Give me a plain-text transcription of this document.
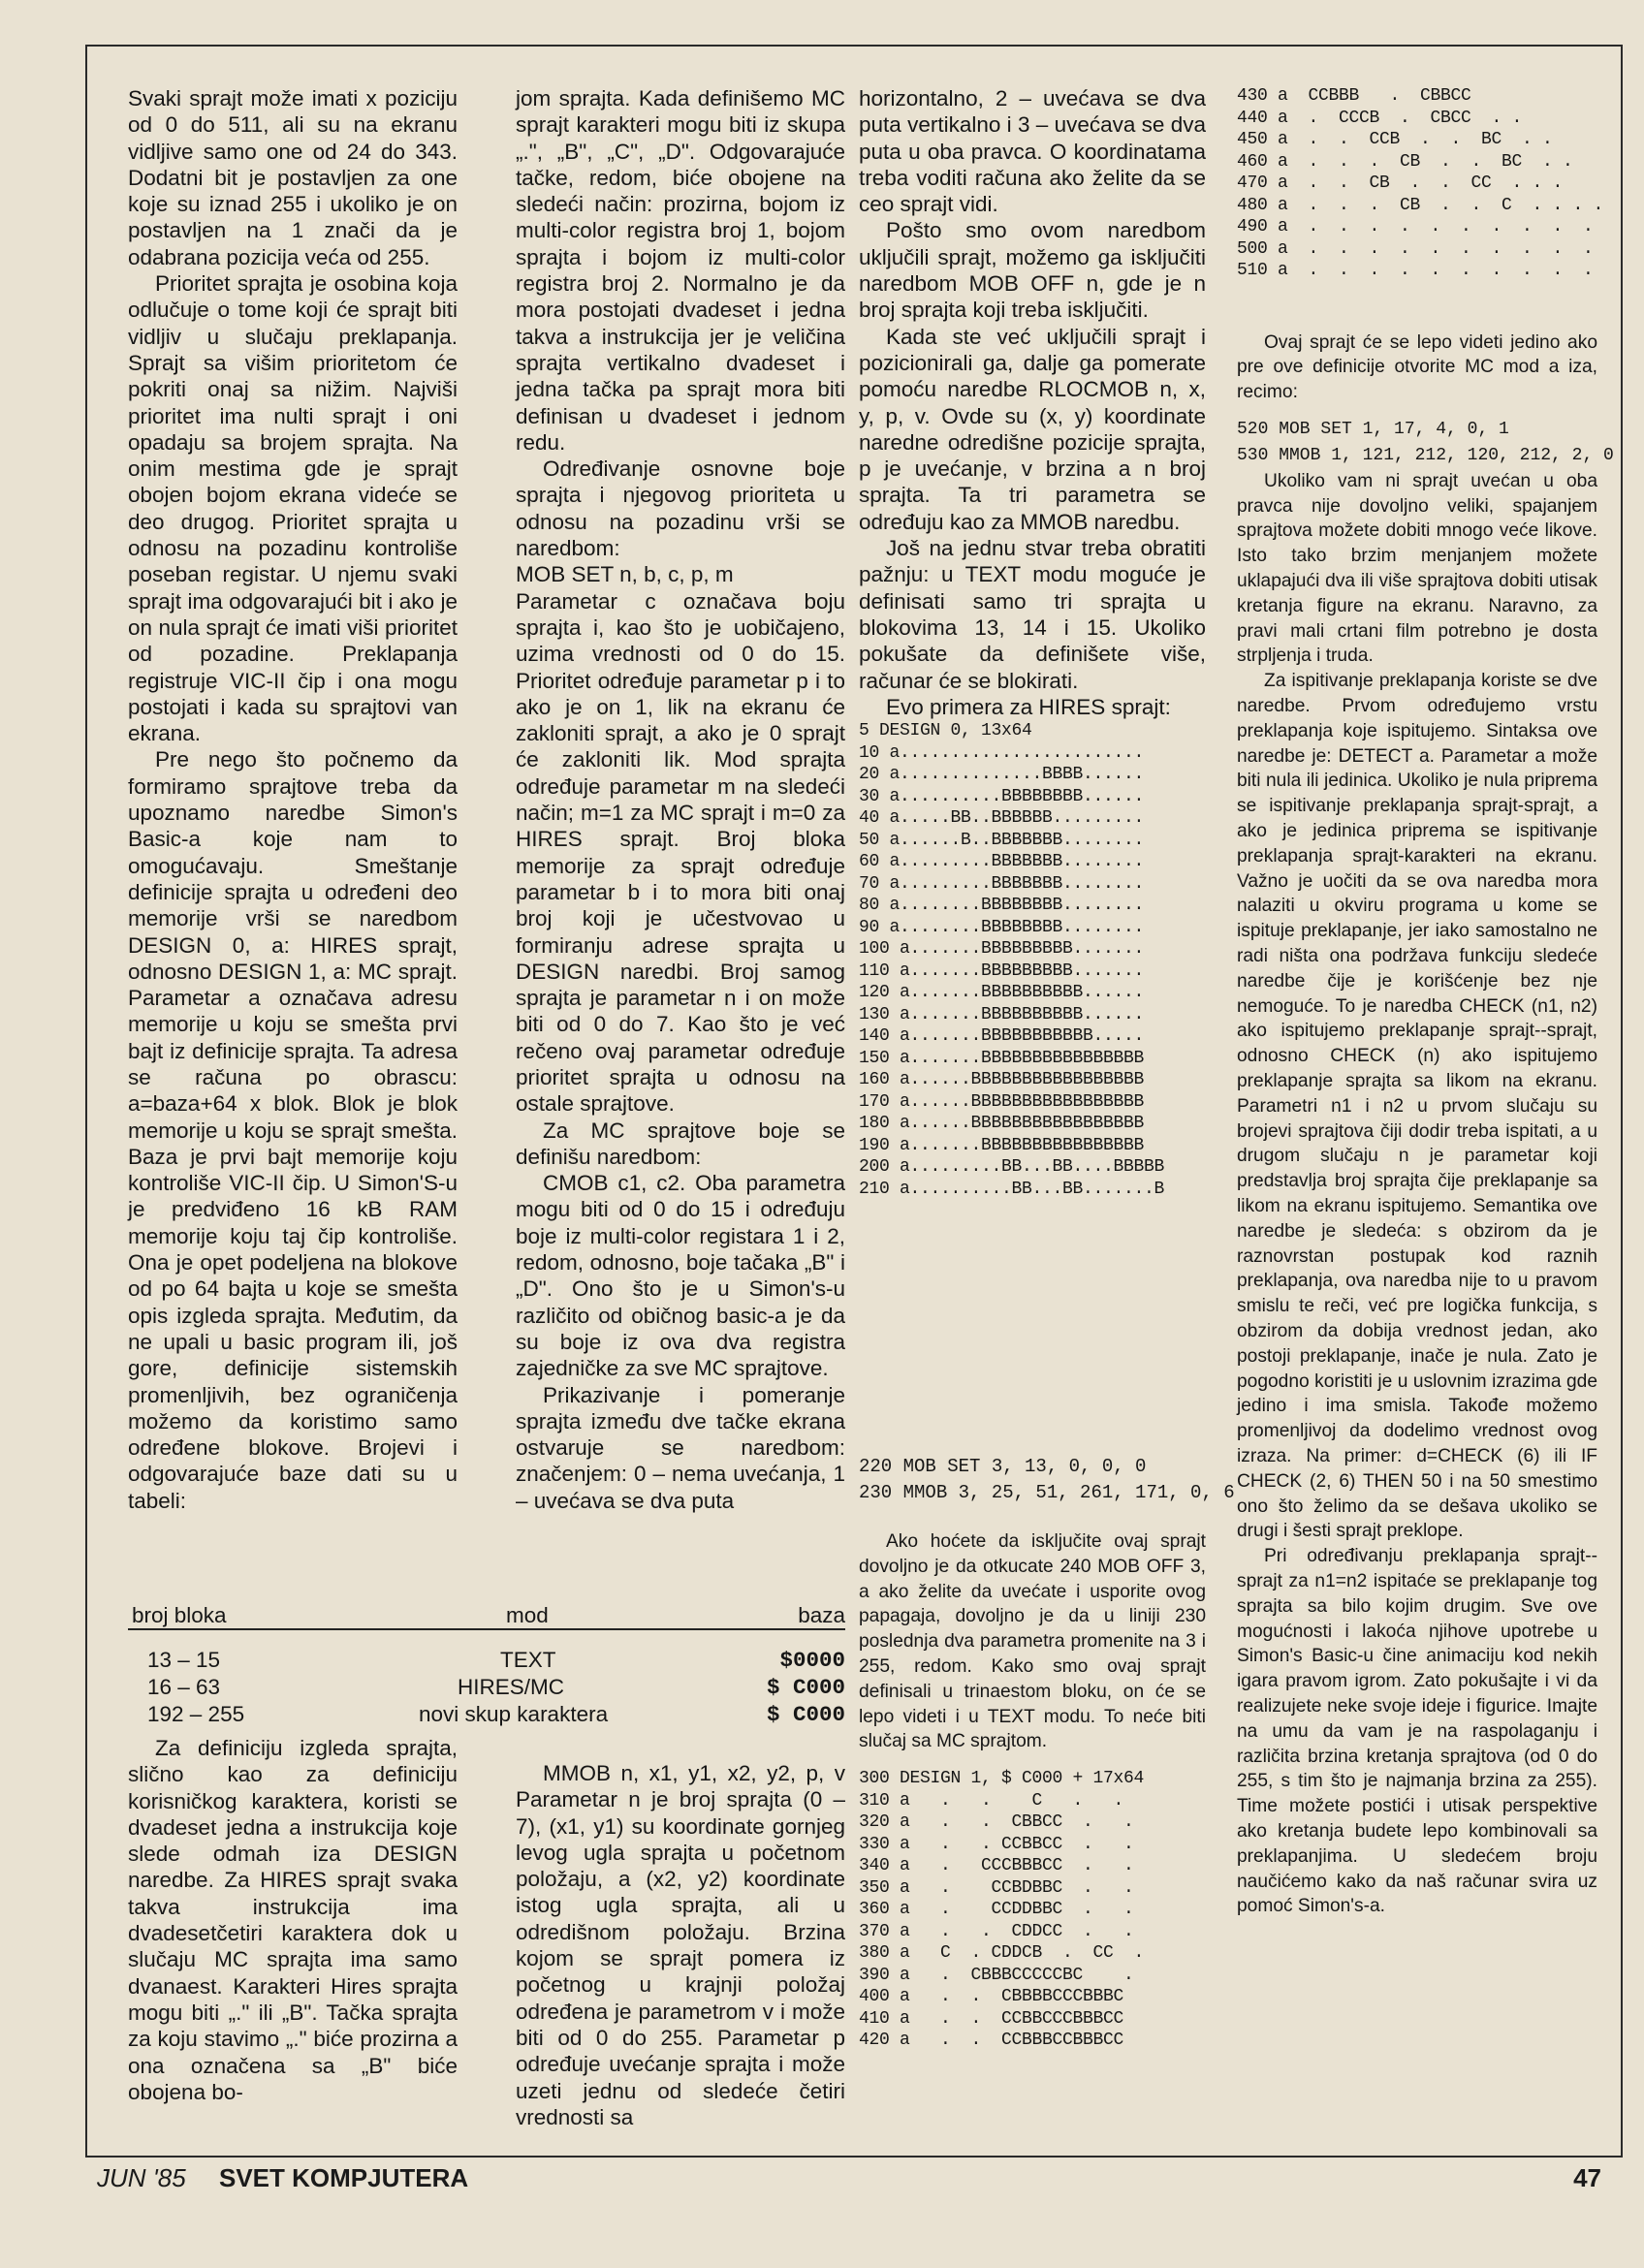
Svaki sprajt može imati x poziciju od 0 do 511, ali su na ekranu vidljive samo one od 24 do 343. Dodatni bit je postavljen za one koje su iznad 255 i ukoliko je on postavljen na 1 znači da je odabrana pozicija veća od 255.

Prioritet sprajta je osobina koja odlučuje o tome koji će sprajt biti vidljiv u slučaju preklapanja. Sprajt sa višim prioritetom će pokriti onaj sa nižim. Najviši prioritet ima nulti sprajt i oni opadaju sa brojem sprajta. Na onim mestima gde je sprajt obojen bojom ekrana videće se deo drugog. Prioritet sprajta u odnosu na pozadinu kontroliše poseban registar. U njemu svaki sprajt ima odgovarajući bit i ako je on nula sprajt će imati viši prioritet od pozadine. Preklapanja registruje VIC-II čip i ona mogu postojati i kada su sprajtovi van ekrana.

Pre nego što počnemo da formiramo sprajtove treba da upoznamo naredbe Simon's Basic-a koje nam to omogućavaju. Smeštanje definicije sprajta u određeni deo memorije vrši se naredbom DESIGN 0, a: HIRES sprajt, odnosno DESIGN 1, a: MC sprajt. Parametar a označava adresu memorije u koju se smešta prvi bajt iz definicije sprajta. Ta adresa se računa po obrascu: a=baza+64 x blok. Blok je blok memorije u koju se sprajt smešta. Baza je prvi bajt memorije koju kontroliše VIC-II čip. U Simon'S-u je predviđeno 16 kB RAM memorije koju taj čip kontroliše. Ona je opet podeljena na blokove od po 64 bajta u koje se smešta opis izgleda sprajta. Međutim, da ne upali u basic program ili, još gore, definicije sistemskih promenljivih, bez ograničenja možemo da koristimo samo određene blokove. Brojevi i odgovarajuće baze dati su u tabeli:

broj bloka	mod	baza
13 – 15	TEXT	$0000
16 – 63	HIRES/MC	$ C000
192 – 255	novi skup karaktera	$ C000

Za definiciju izgleda sprajta, slično kao za definiciju korisničkog karaktera, koristi se dvadeset jedna a instrukcija koje slede odmah iza DESIGN naredbe. Za HIRES sprajt svaka takva instrukcija ima dvadesetčetiri karaktera dok u slučaju MC sprajta ima samo dvanaest. Karakteri Hires sprajta mogu biti „." ili „B". Tačka sprajta za koju stavimo „." biće prozirna a ona označena sa „B" biće obojena bo-

jom sprajta. Kada definišemo MC sprajt karakteri mogu biti iz skupa „.", „B", „C", „D". Odgovarajuće tačke, redom, biće obojene na sledeći način: prozirna, bojom iz multi-color registra broj 1, bojom sprajta i bojom iz multi-color registra broj 2. Normalno je da mora postojati dvadeset i jedna takva a instrukcija jer je veličina sprajta vertikalno dvadeset i jedna tačka pa sprajt mora biti definisan u dvadeset i jednom redu.

Određivanje osnovne boje sprajta i njegovog prioriteta u odnosu na pozadinu vrši se naredbom:

MOB SET n, b, c, p, m

Parametar c označava boju sprajta i, kao što je uobičajeno, uzima vrednosti od 0 do 15. Prioritet određuje parametar p i to ako je on 1, lik na ekranu će zakloniti sprajt, a ako je 0 sprajt će zakloniti lik. Mod sprajta određuje parametar m na sledeći način; m=1 za MC sprajt i m=0 za HIRES sprajt. Broj bloka memorije za sprajt određuje parametar b i to mora biti onaj broj koji je učestvovao u formiranju adrese sprajta u DESIGN naredbi. Broj samog sprajta je parametar n i on može biti od 0 do 7. Kao što je već rečeno ovaj parametar određuje prioritet sprajta u odnosu na ostale sprajtove.

Za MC sprajtove boje se definišu naredbom:

CMOB c1, c2. Oba parametra mogu biti od 0 do 15 i određuju boje iz multi-color registara 1 i 2, redom, odnosno, boje tačaka „B" i „D". Ono što je u Simon's-u različito od običnog basic-a je da su boje iz ova dva registra zajedničke za sve MC sprajtove.

Prikazivanje i pomeranje sprajta između dve tačke ekrana ostvaruje se naredbom: značenjem: 0 – nema uvećanja, 1 – uvećava se dva puta

MMOB n, x1, y1, x2, y2, p, v Parametar n je broj sprajta (0 – 7), (x1, y1) su koordinate gornjeg levog ugla sprajta u početnom položaju, a (x2, y2) koordinate istog ugla sprajta, ali u odredišnom položaju. Brzina kojom se sprajt pomera iz početnog u krajnji položaj određena je parametrom v i može biti od 0 do 255. Parametar p određuje uvećanje sprajta i može uzeti jednu od sledeće četiri vrednosti sa

horizontalno, 2 – uvećava se dva puta vertikalno i 3 – uvećava se dva puta u oba pravca. O koordinatama treba voditi računa ako želite da se ceo sprajt vidi.

Pošto smo ovom naredbom uključili sprajt, možemo ga isključiti naredbom MOB OFF n, gde je n broj sprajta koji treba isključiti.

Kada ste već uključili sprajt i pozicionirali ga, dalje ga pomerate pomoću naredbe RLOCMOB n, x, y, p, v. Ovde su (x, y) koordinate naredne odredišne pozicije sprajta, p je uvećanje, v brzina a n broj sprajta. Ta tri parametra se određuju kao za MMOB naredbu.

Još na jednu stvar treba obratiti pažnju: u TEXT modu moguće je definisati samo tri sprajta u blokovima 13, 14 i 15. Ukoliko pokušate da definišete više, računar će se blokirati.

Evo primera za HIRES sprajt:

5 DESIGN 0, 13x64
10 a........................
20 a..............BBBB......
30 a..........BBBBBBBB......
40 a.....BB..BBBBBB.........
50 a......B..BBBBBBB........
60 a.........BBBBBBB........
70 a.........BBBBBBB........
80 a........BBBBBBBB........
90 a........BBBBBBBB........
100 a.......BBBBBBBBB.......
110 a.......BBBBBBBBB.......
120 a.......BBBBBBBBBB......
130 a.......BBBBBBBBBB......
140 a.......BBBBBBBBBBB.....
150 a.......BBBBBBBBBBBBBBBB
160 a......BBBBBBBBBBBBBBBBB
170 a......BBBBBBBBBBBBBBBBB
180 a......BBBBBBBBBBBBBBBBB
190 a.......BBBBBBBBBBBBBBBB
200 a.........BB...BB....BBBBB
210 a..........BB...BB.......B
220 MOB SET 3, 13, 0, 0, 0
230 MMOB 3, 25, 51, 261, 171, 0, 6

Ako hoćete da isključite ovaj sprajt dovoljno je da otkucate 240 MOB OFF 3, a ako želite da uvećate i usporite ovog papagaja, dovoljno je da u liniji 230 poslednja dva parametra promenite na 3 i 255, redom. Kako smo ovaj sprajt definisali u trinaestom bloku, on će se lepo videti i u TEXT modu. To neće biti slučaj sa MC sprajtom.

300 DESIGN 1, $ C000 + 17x64
310 a   .   .    C   .   .
320 a   .   .  CBBCC  .   .
330 a   .   . CCBBCC  .   .
340 a   .   CCCBBBCC  .   .
350 a   .    CCBDBBC  .   .
360 a   .    CCDDBBC  .   .
370 a   .   .  CDDCC  .   .
380 a   C  . CDDCB  .  CC  .
390 a   .  CBBBCCCCCBC    .
400 a   .  .  CBBBBCCCBBBC
410 a   .  .  CCBBCCCBBBCC
420 a   .  .  CCBBBCCBBBCC
430 a  CCBBB   .  CBBCC
440 a  .  CCCB  .  CBCC  . .
450 a  .  .  CCB  .  .  BC  . .
460 a  .  .  .  CB  .  .  BC  . .
470 a  .  .  CB  .  .  CC  . . .
480 a  .  .  .  CB  .  .  C  . . . .
490 a  .  .  .  .  .  .  .  .  .  .
500 a  .  .  .  .  .  .  .  .  .  .
510 a  .  .  .  .  .  .  .  .  .  .

Ovaj sprajt će se lepo videti jedino ako pre ove definicije otvorite MC mod a iza, recimo:

520 MOB SET 1, 17, 4, 0, 1
530 MMOB 1, 121, 212, 120, 212, 2, 0

Ukoliko vam ni sprajt uvećan u oba pravca nije dovoljno veliki, spajanjem sprajtova možete dobiti mnogo veće likove. Isto tako brzim menjanjem možete uklapajući dva ili više sprajtova dobiti utisak kretanja figure na ekranu. Naravno, za pravi mali crtani film potrebno je dosta strpljenja i truda.

Za ispitivanje preklapanja koriste se dve naredbe. Prvom određujemo vrstu preklapanja koje ispitujemo. Sintaksa ove naredbe je: DETECT a. Parametar a može biti nula ili jedinica. Ukoliko je nula priprema se ispitivanje preklapanja sprajt-sprajt, a ako je jedinica priprema se ispitivanje preklapanja sprajt-karakteri na ekranu. Važno je uočiti da se ova naredba mora nalaziti u okviru programa u kome se ispituje preklapanje, jer iako samostalno ne radi ništa ona podržava funkciju sledeće naredbe čije je korišćenje bez nje nemoguće. To je naredba CHECK (n1, n2) ako ispitujemo preklapanje sprajt--sprajt, odnosno CHECK (n) ako ispitujemo preklapanje sprajta sa likom na ekranu. Parametri n1 i n2 u prvom slučaju su brojevi sprajtova čiji dodir treba ispitati, a u drugom slučaju n je parametar koji predstavlja broj sprajta čije preklapanje sa likom na ekranu ispitujemo. Semantika ove naredbe je sledeća: s obzirom da je raznovrstan postupak kod raznih preklapanja, ova naredba nije to u pravom smislu te reči, već pre logička funkcija, s obzirom da dobija vrednost jedan, ako postoji preklapanje, inače je nula. Zato je pogodno koristiti je u uslovnim izrazima gde jedino i ima smisla. Takođe možemo promenljivoj da dodelimo vrednost ovog izraza. Na primer: d=CHECK (6) ili IF CHECK (2, 6) THEN 50 i na 50 smestimo ono što želimo da se dešava ukoliko se drugi i šesti sprajt preklope.

Pri određivanju preklapanja sprajt--sprajt za n1=n2 ispitaće se preklapanje tog sprajta sa bilo kojim drugim. Sve ove mogućnosti i lakoća njihove upotrebe u Simon's Basic-u čine animaciju kod nekih igara pravom igrom. Zato pokušajte i vi da realizujete neke svoje ideje i figurice. Imajte na umu da vam je na raspolaganju i različita brzina kretanja sprajtova (od 0 do 255, s tim što je najmanja brzina za 255). Time možete postići i utisak perspektive ako kretanja budete lepo kombinovali sa preklapanjima. U sledećem broju naučićemo kako da naš računar svira uz pomoć Simon's-a.

JUN '85 SVET KOMPJUTERA	47
